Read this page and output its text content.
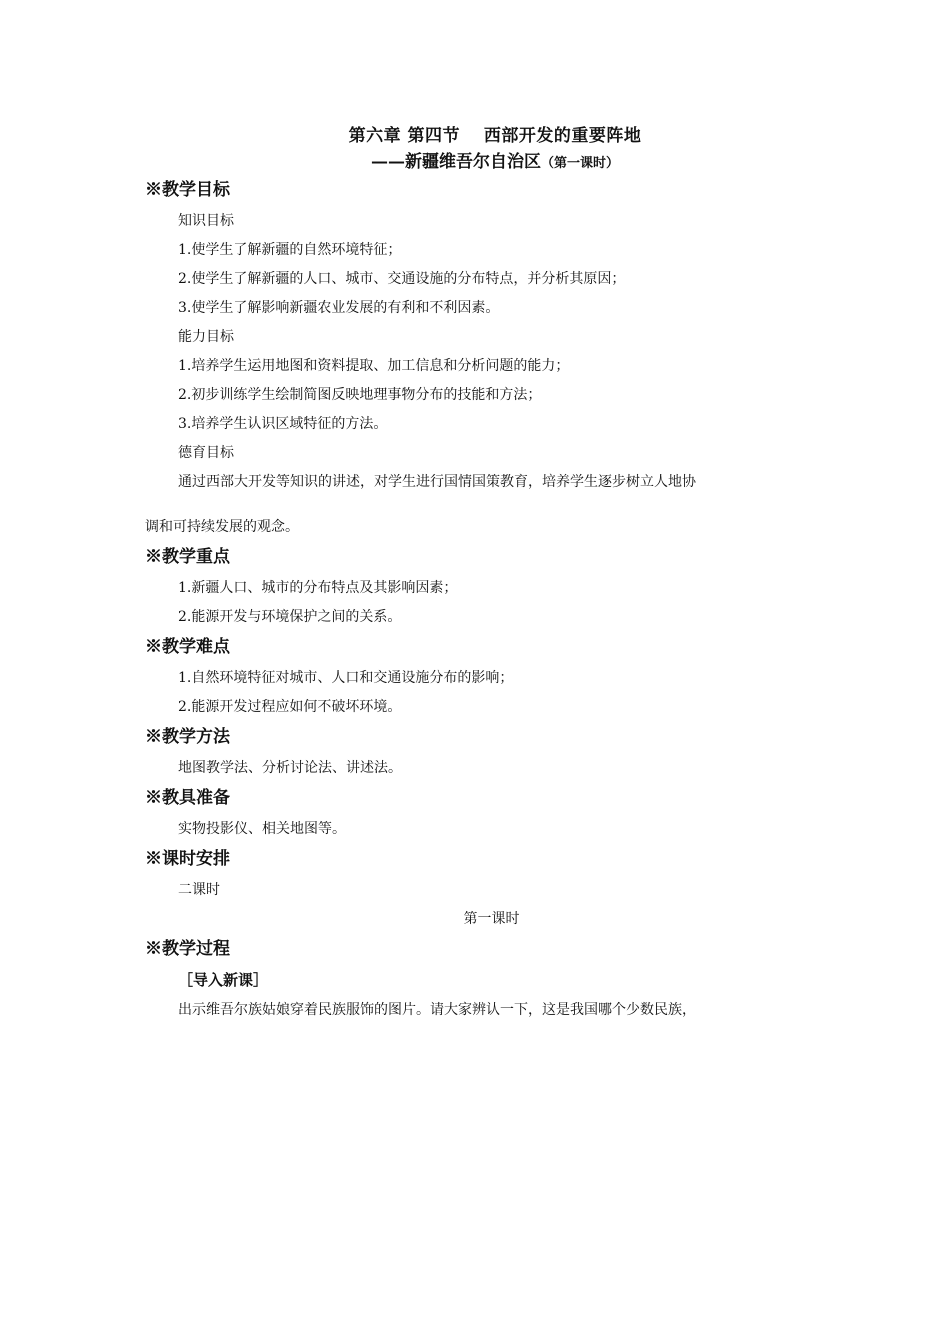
第六章 第四节　 西部开发的重要阵地
——新疆维吾尔自治区（第一课时）
※教学目标
知识目标
1.使学生了解新疆的自然环境特征；
2.使学生了解新疆的人口、城市、交通设施的分布特点，并分析其原因；
3.使学生了解影响新疆农业发展的有利和不利因素。
能力目标
1.培养学生运用地图和资料提取、加工信息和分析问题的能力；
2.初步训练学生绘制简图反映地理事物分布的技能和方法；
3.培养学生认识区域特征的方法。
德育目标
通过西部大开发等知识的讲述，对学生进行国情国策教育，培养学生逐步树立人地协
调和可持续发展的观念。
※教学重点
1.新疆人口、城市的分布特点及其影响因素；
2.能源开发与环境保护之间的关系。
※教学难点
1.自然环境特征对城市、人口和交通设施分布的影响；
2.能源开发过程应如何不破坏环境。
※教学方法
地图教学法、分析讨论法、讲述法。
※教具准备
实物投影仪、相关地图等。
※课时安排
二课时
第一课时
※教学过程
［导入新课］
出示维吾尔族姑娘穿着民族服饰的图片。请大家辨认一下，这是我国哪个少数民族，
